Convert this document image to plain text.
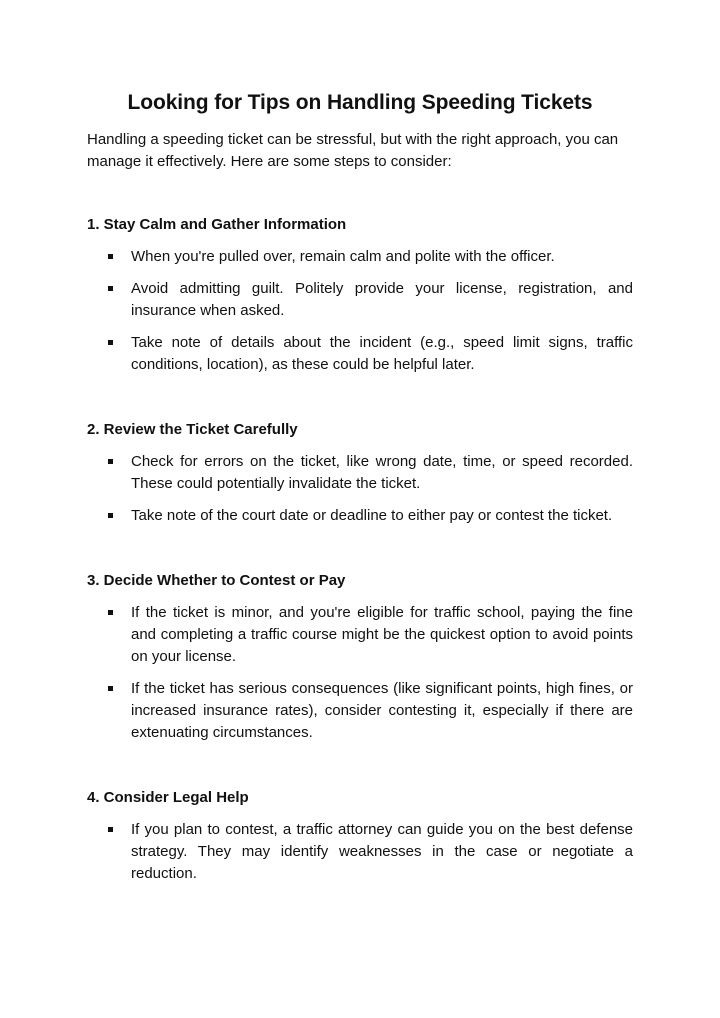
Looking for Tips on Handling Speeding Tickets

Handling a speeding ticket can be stressful, but with the right approach, you can manage it effectively. Here are some steps to consider:

1. Stay Calm and Gather Information
When you're pulled over, remain calm and polite with the officer.
Avoid admitting guilt. Politely provide your license, registration, and insurance when asked.
Take note of details about the incident (e.g., speed limit signs, traffic conditions, location), as these could be helpful later.
2. Review the Ticket Carefully
Check for errors on the ticket, like wrong date, time, or speed recorded. These could potentially invalidate the ticket.
Take note of the court date or deadline to either pay or contest the ticket.
3. Decide Whether to Contest or Pay
If the ticket is minor, and you're eligible for traffic school, paying the fine and completing a traffic course might be the quickest option to avoid points on your license.
If the ticket has serious consequences (like significant points, high fines, or increased insurance rates), consider contesting it, especially if there are extenuating circumstances.
4. Consider Legal Help
If you plan to contest, a traffic attorney can guide you on the best defense strategy. They may identify weaknesses in the case or negotiate a reduction.
